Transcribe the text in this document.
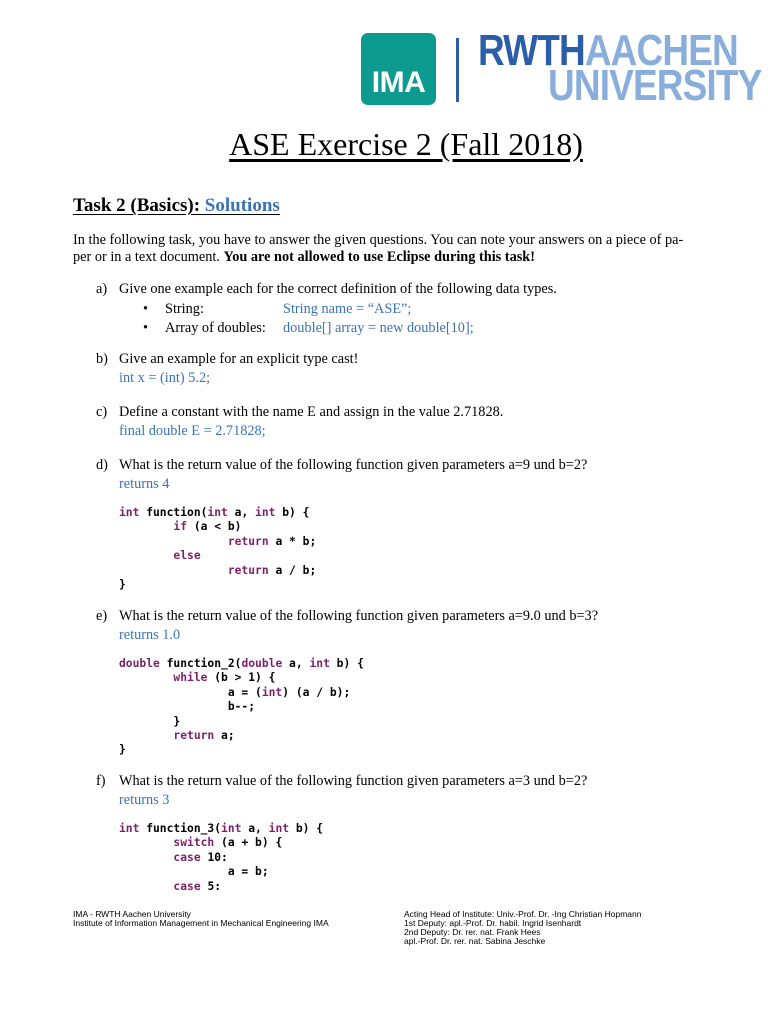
IMA
RWTHAACHEN
UNIVERSITY
ASE Exercise 2 (Fall 2018)
Task 2 (Basics): Solutions
In the following task, you have to answer the given questions. You can note your answers on a piece of pa-
per or in a text document. You are not allowed to use Eclipse during this task!
a) Give one example each for the correct definition of the following data types.
• String:	String name = “ASE”;
• Array of doubles: double[] array = new double[10];
b) Give an example for an explicit type cast!
int x = (int) 5.2;
c) Define a constant with the name E and assign in the value 2.71828.
final double E = 2.71828;
d) What is the return value of the following function given parameters a=9 und b=2?
returns 4
int function(int a, int b) {
if (a < b)
return a * b;
else
return a / b;
}
e) What is the return value of the following function given parameters a=9.0 und b=3?
returns 1.0
double function_2(double a, int b) {
while (b > 1) {
a = (int) (a / b);
b--;
}
return a;
}
f) What is the return value of the following function given parameters a=3 und b=2?
returns 3
int function_3(int a, int b) {
switch (a + b) {
case 10:
a = b;
case 5:
IMA - RWTH Aachen University
Institute of Information Management in Mechanical Engineering IMA
Acting Head of Institute: Univ.-Prof. Dr. -Ing Christian Hopmann
1st Deputy: apl.-Prof. Dr. habil. Ingrid Isenhardt
2nd Deputy: Dr. rer. nat. Frank Hees
apl.-Prof. Dr. rer. nat. Sabina Jeschke
